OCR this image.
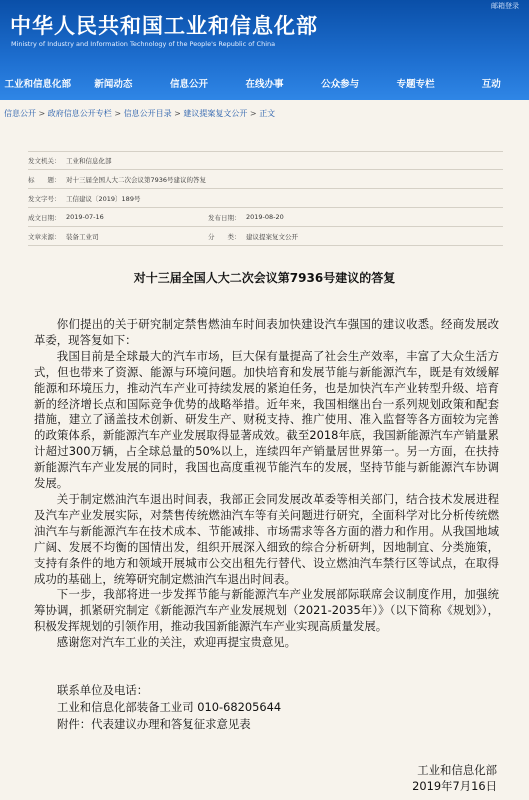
邮箱登录
中华人民共和国工业和信息化部
Ministry of Industry and Information Technology of the People's Republic of China
工业和信息化部	新闻动态	信息公开	在线办事	公众参与	专题专栏	互动
信息公开 > 政府信息公开专栏 > 信息公开目录 > 建议提案复文公开 > 正文
发文机关： 工业和信息化部
标　　题： 对十三届全国人大二次会议第7936号建议的答复
发文字号： 工信建议〔2019〕189号
成文日期： 2019-07-16	发布日期： 2019-08-20
文章来源： 装备工业司	分　　类： 建议提案复文公开
对十三届全国人大二次会议第7936号建议的答复

你们提出的关于研究制定禁售燃油车时间表加快建设汽车强国的建议收悉。经商发展改革委，现答复如下：

我国目前是全球最大的汽车市场，巨大保有量提高了社会生产效率，丰富了大众生活方式，但也带来了资源、能源与环境问题。加快培育和发展节能与新能源汽车，既是有效缓解能源和环境压力，推动汽车产业可持续发展的紧迫任务，也是加快汽车产业转型升级、培育新的经济增长点和国际竞争优势的战略举措。近年来，我国相继出台一系列规划政策和配套措施，建立了涵盖技术创新、研发生产、财税支持、推广使用、准入监督等各方面较为完善的政策体系，新能源汽车产业发展取得显著成效。截至2018年底，我国新能源汽车产销量累计超过300万辆，占全球总量的50%以上，连续四年产销量居世界第一。另一方面，在扶持新能源汽车产业发展的同时，我国也高度重视节能汽车的发展，坚持节能与新能源汽车协调发展。

关于制定燃油汽车退出时间表，我部正会同发展改革委等相关部门，结合技术发展进程及汽车产业发展实际，对禁售传统燃油汽车等有关问题进行研究，全面科学对比分析传统燃油汽车与新能源汽车在技术成本、节能减排、市场需求等各方面的潜力和作用。从我国地域广阔、发展不均衡的国情出发，组织开展深入细致的综合分析研判，因地制宜、分类施策，支持有条件的地方和领域开展城市公交出租先行替代、设立燃油汽车禁行区等试点，在取得成功的基础上，统筹研究制定燃油汽车退出时间表。

下一步，我部将进一步发挥节能与新能源汽车产业发展部际联席会议制度作用，加强统筹协调，抓紧研究制定《新能源汽车产业发展规划（2021-2035年）》（以下简称《规划》），积极发挥规划的引领作用，推动我国新能源汽车产业实现高质量发展。

感谢您对汽车工业的关注，欢迎再提宝贵意见。

联系单位及电话：
工业和信息化部装备工业司 010-68205644
附件：代表建议办理和答复征求意见表
工业和信息化部
2019年7月16日
